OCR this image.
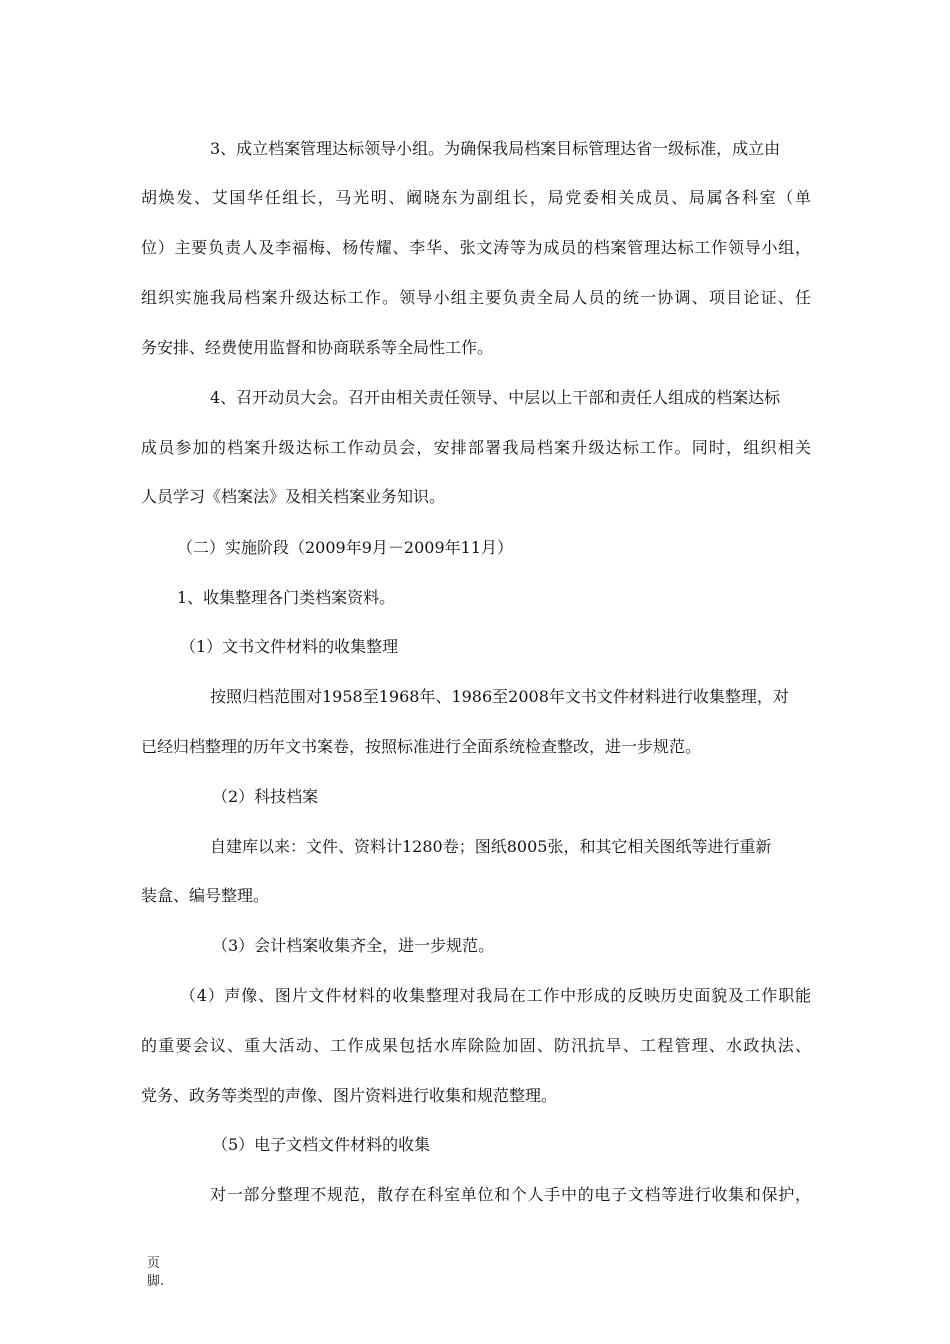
3、成立档案管理达标领导小组。为确保我局档案目标管理达省一级标准，成立由

胡焕发、艾国华任组长，马光明、阚晓东为副组长，局党委相关成员、局属各科室（单

位）主要负责人及李福梅、杨传耀、李华、张文涛等为成员的档案管理达标工作领导小组，

组织实施我局档案升级达标工作。领导小组主要负责全局人员的统一协调、项目论证、任

务安排、经费使用监督和协商联系等全局性工作。

4、召开动员大会。召开由相关责任领导、中层以上干部和责任人组成的档案达标

成员参加的档案升级达标工作动员会，安排部署我局档案升级达标工作。同时，组织相关

人员学习《档案法》及相关档案业务知识。

（二）实施阶段（2009年9月－2009年11月）

1、收集整理各门类档案资料。

（1）文书文件材料的收集整理

按照归档范围对1958至1968年、1986至2008年文书文件材料进行收集整理，对

已经归档整理的历年文书案卷，按照标准进行全面系统检查整改，进一步规范。

（2）科技档案

自建库以来：文件、资料计1280卷；图纸8005张，和其它相关图纸等进行重新

装盒、编号整理。

（3）会计档案收集齐全，进一步规范。

（4）声像、图片文件材料的收集整理对我局在工作中形成的反映历史面貌及工作职能

的重要会议、重大活动、工作成果包括水库除险加固、防汛抗旱、工程管理、水政执法、

党务、政务等类型的声像、图片资料进行收集和规范整理。

（5）电子文档文件材料的收集

对一部分整理不规范，散存在科室单位和个人手中的电子文档等进行收集和保护，

页
脚.
